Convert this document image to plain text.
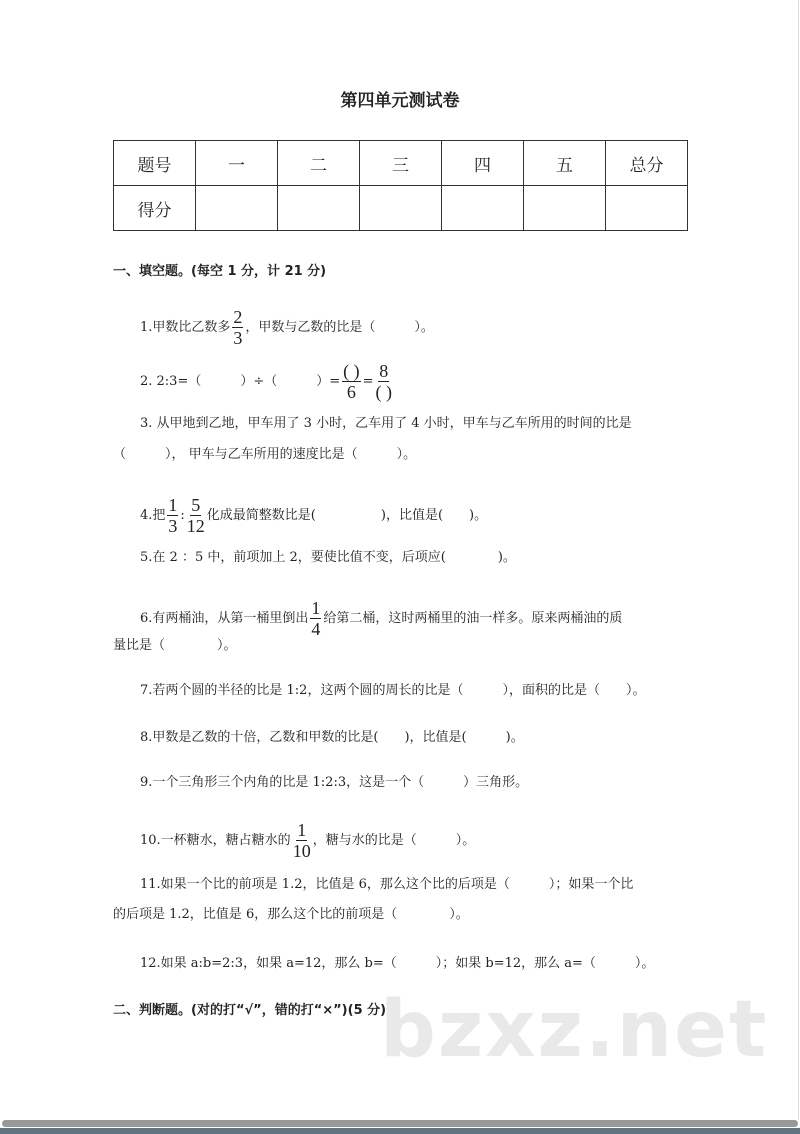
bzxz.net
第四单元测试卷
题号	一	二	三	四	五	总分
得分						
一、填空题。(每空 1 分，计 21 分)
1.甲数比乙数多 $\frac{2}{3}$ ，甲数与乙数的比是（　　　）。
2. 2:3=（　　　）÷（　　　）= $\frac{( )}{6} = \frac{8}{( )}$
3. 从甲地到乙地，甲车用了 3 小时，乙车用了 4 小时，甲车与乙车所用的时间的比是
（　　　）， 甲车与乙车所用的速度比是（　　　）。
4.把 $\frac{1}{3}$ : $\frac{5}{12}$ 化成最简整数比是(　　　　　)，比值是(　　)。
5.在 2 ：5 中，前项加上 2，要使比值不变，后项应(　　　　)。
6.有两桶油，从第一桶里倒出 $\frac{1}{4}$ 给第二桶，这时两桶里的油一样多。原来两桶油的质
量比是（　　　　）。
7.若两个圆的半径的比是 1:2，这两个圆的周长的比是（　　　），面积的比是（　　）。
8.甲数是乙数的十倍，乙数和甲数的比是(　　)，比值是(　　　)。
9.一个三角形三个内角的比是 1:2:3，这是一个（　　　）三角形。
10.一杯糖水，糖占糖水的 $\frac{1}{10}$ ，糖与水的比是（　　　）。
11.如果一个比的前项是 1.2，比值是 6，那么这个比的后项是（　　　）；如果一个比
的后项是 1.2，比值是 6，那么这个比的前项是（　　　　）。
12.如果 a:b=2:3，如果 a=12，那么 b=（　　　）；如果 b=12，那么 a=（　　　）。
二、判断题。(对的打“√”，错的打“×”)(5 分)
